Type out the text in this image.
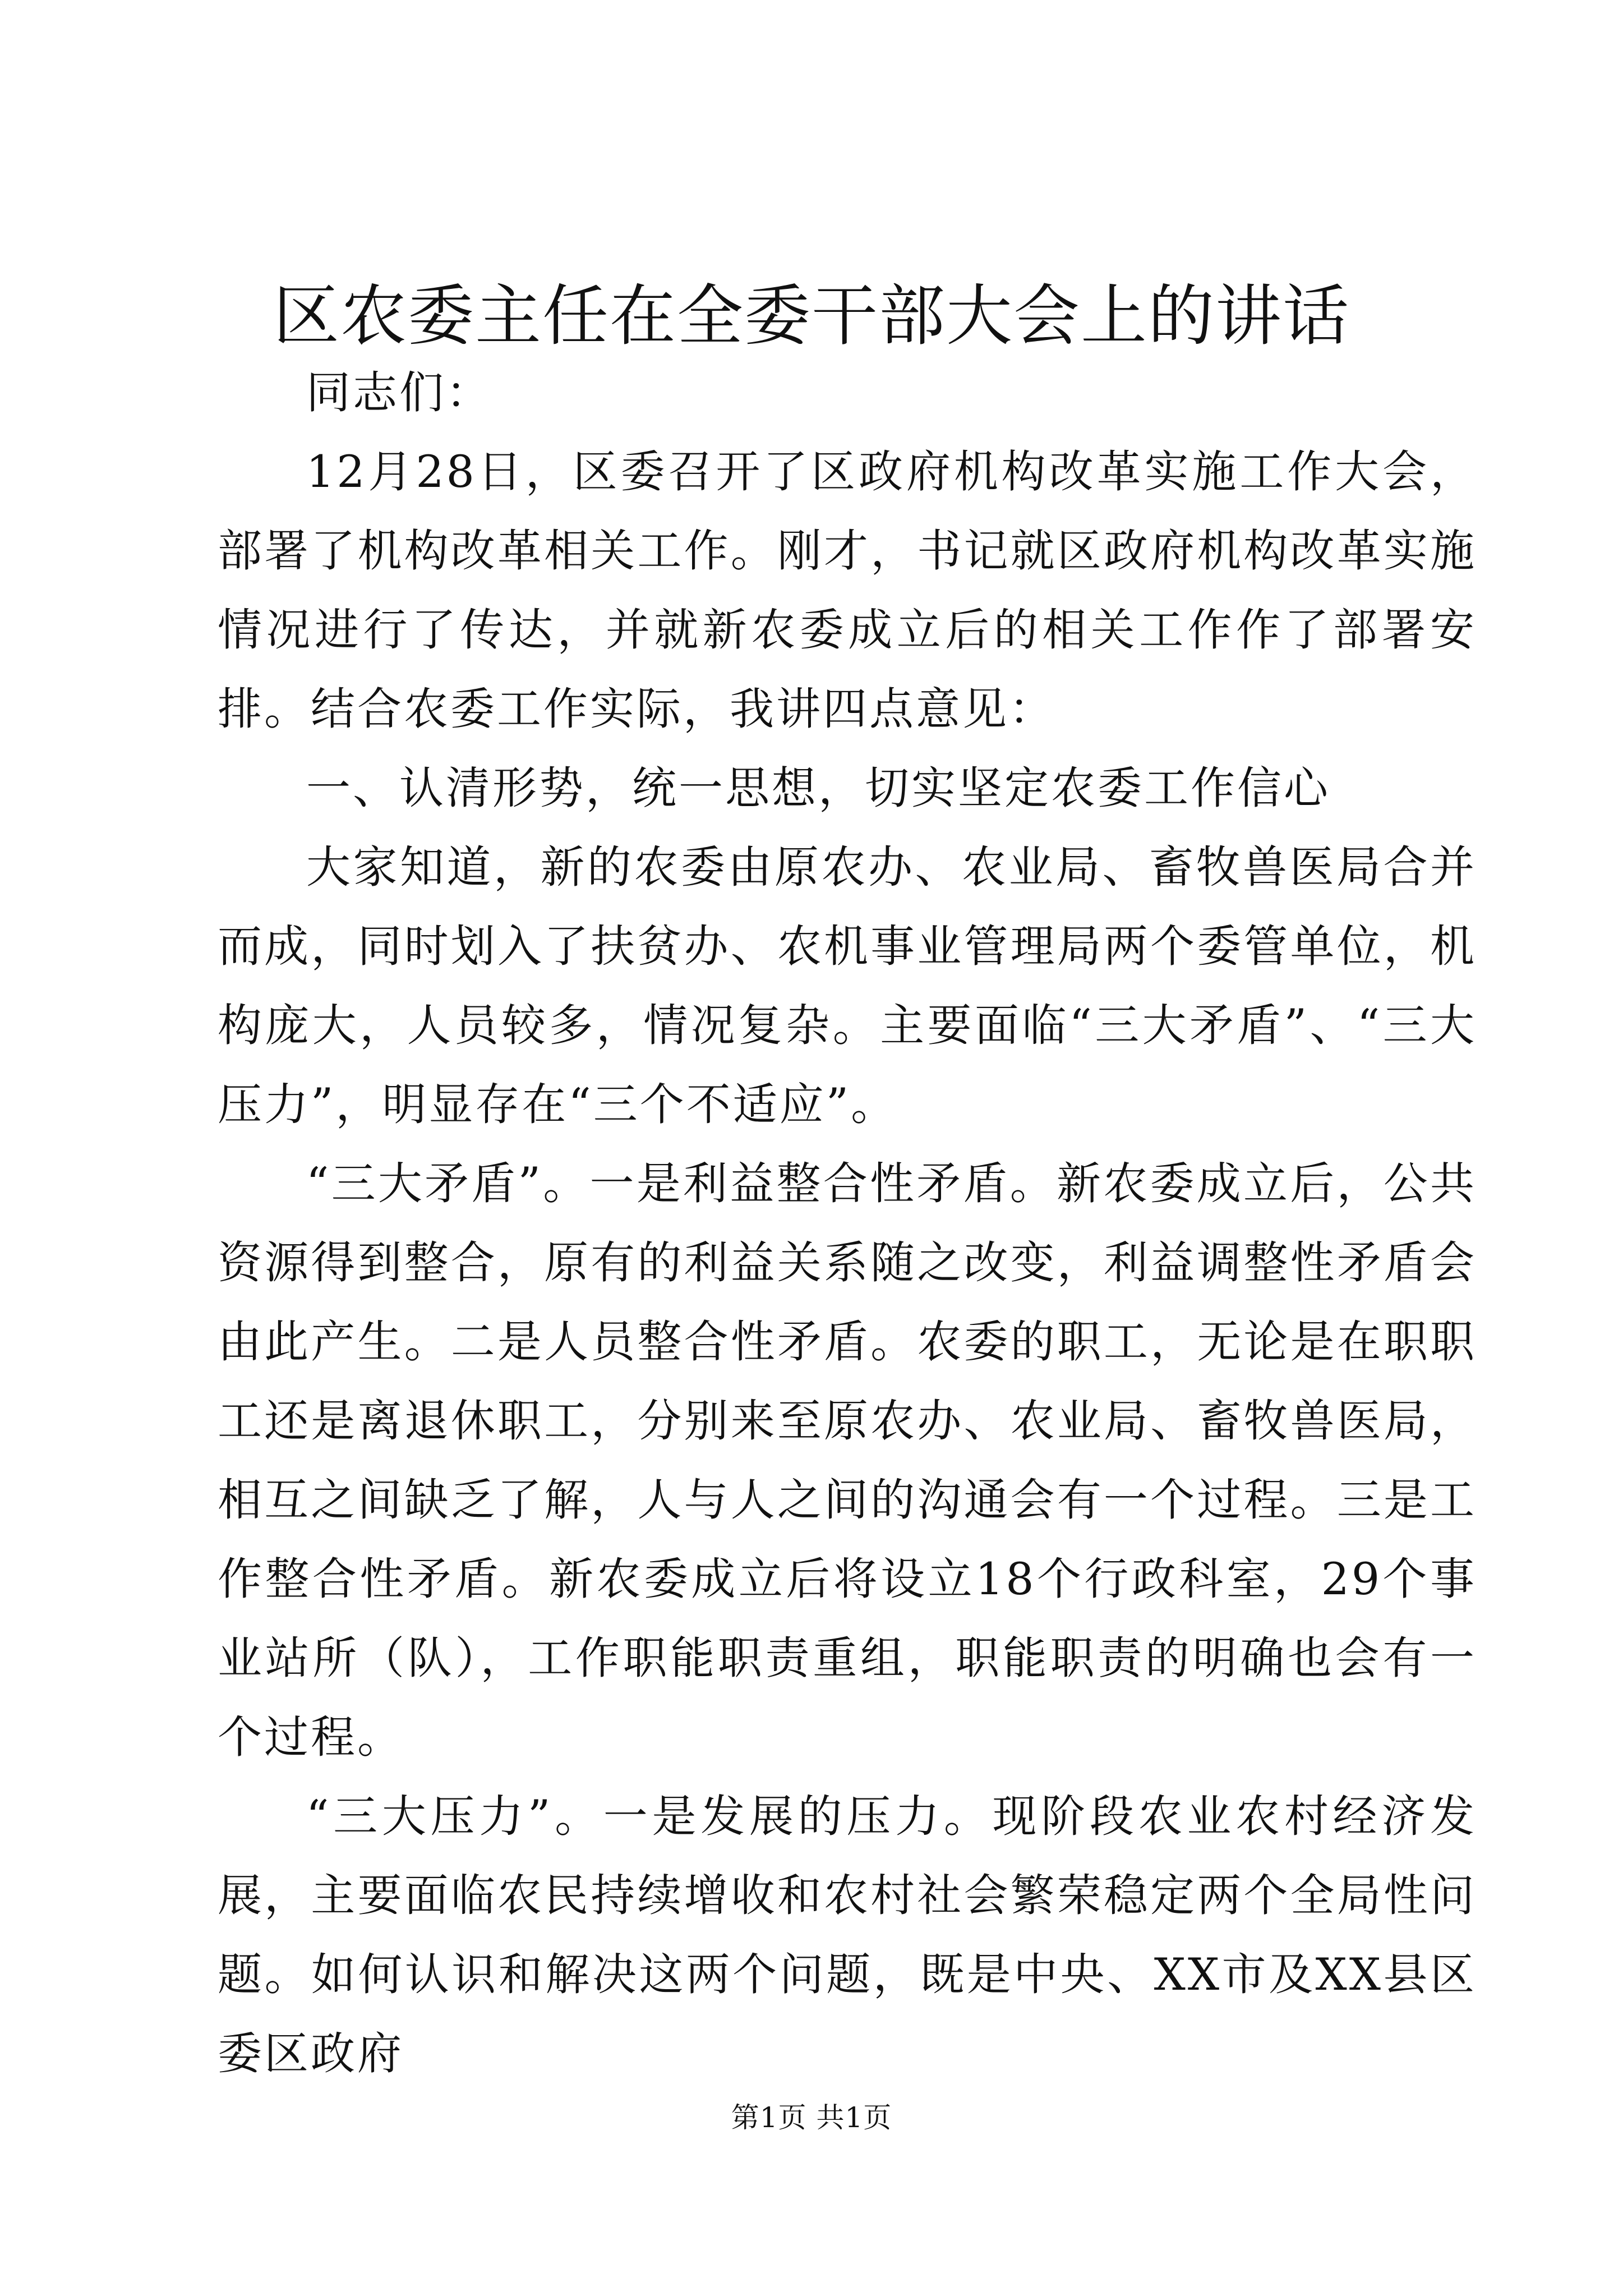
区农委主任在全委干部大会上的讲话

同志们：

12月28日，区委召开了区政府机构改革实施工作大会，部署了机构改革相关工作。刚才，书记就区政府机构改革实施情况进行了传达，并就新农委成立后的相关工作作了部署安排。结合农委工作实际，我讲四点意见：

一、认清形势，统一思想，切实坚定农委工作信心

大家知道，新的农委由原农办、农业局、畜牧兽医局合并而成，同时划入了扶贫办、农机事业管理局两个委管单位，机构庞大，人员较多，情况复杂。主要面临“三大矛盾”、“三大压力”，明显存在“三个不适应”。

“三大矛盾”。一是利益整合性矛盾。新农委成立后，公共资源得到整合，原有的利益关系随之改变，利益调整性矛盾会由此产生。二是人员整合性矛盾。农委的职工，无论是在职职工还是离退休职工，分别来至原农办、农业局、畜牧兽医局，相互之间缺乏了解，人与人之间的沟通会有一个过程。三是工作整合性矛盾。新农委成立后将设立18个行政科室，29个事业站所（队），工作职能职责重组，职能职责的明确也会有一个过程。

“三大压力”。一是发展的压力。现阶段农业农村经济发展，主要面临农民持续增收和农村社会繁荣稳定两个全局性问题。如何认识和解决这两个问题，既是中央、XX市及XX县区委区政府

第1页 共1页
